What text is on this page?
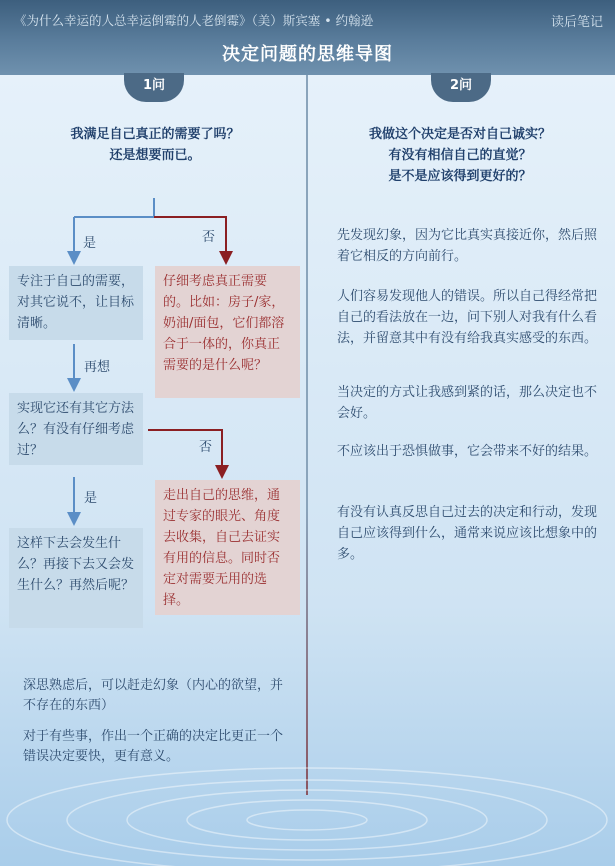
《为什么幸运的人总幸运倒霉的人老倒霉》（美）斯宾塞 • 约翰逊	读后笔记
决定问题的思维导图
1问	2问
我满足自己真正的需要了吗？
还是想要而已。
我做这个决定是否对自己诚实？
有没有相信自己的直觉？
是不是应该得到更好的？
是	否
再想
否
是
专注于自己的需要，对其它说不，让目标清晰。
仔细考虑真正需要的。比如：房子/家，奶油/面包，它们都溶合于一体的，你真正需要的是什么呢？
实现它还有其它方法么？有没有仔细考虑过？
走出自己的思维，通过专家的眼光、角度去收集，自己去证实有用的信息。同时否定对需要无用的选择。
这样下去会发生什么？再接下去又会发生什么？再然后呢？
深思熟虑后，可以赶走幻象（内心的欲望，并不存在的东西）
对于有些事，作出一个正确的决定比更正一个错误决定要快，更有意义。
先发现幻象，因为它比真实真接近你，然后照着它相反的方向前行。
人们容易发现他人的错误。所以自己得经常把自己的看法放在一边，问下别人对我有什么看法，并留意其中有没有给我真实感受的东西。
当决定的方式让我感到紧的话，那么决定也不会好。
不应该出于恐惧做事，它会带来不好的结果。
有没有认真反思自己过去的决定和行动，发现自己应该得到什么，通常来说应该比想象中的多。
